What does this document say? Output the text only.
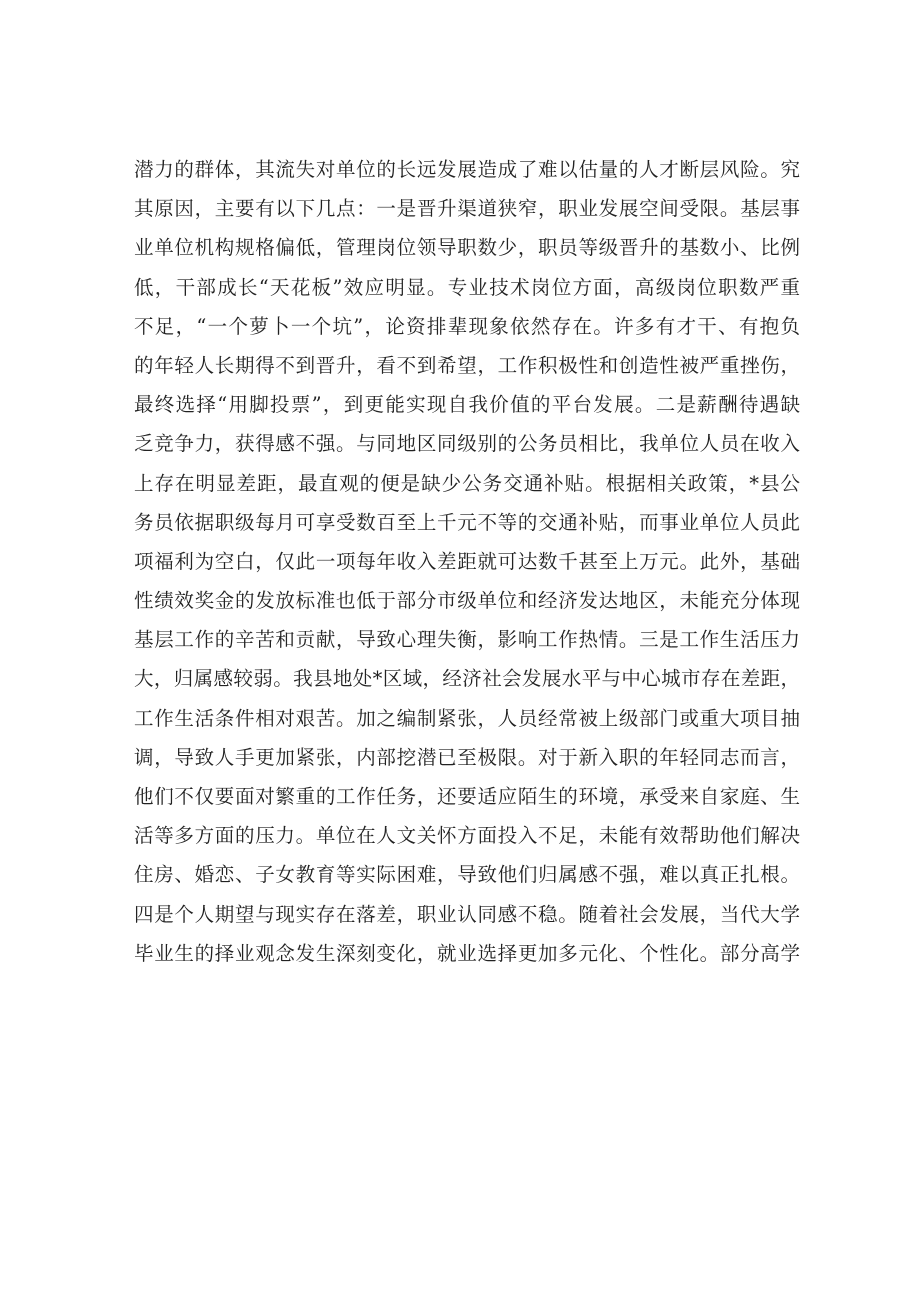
潜力的群体，其流失对单位的长远发展造成了难以估量的人才断层风险。究
其原因，主要有以下几点：一是晋升渠道狭窄，职业发展空间受限。基层事
业单位机构规格偏低，管理岗位领导职数少，职员等级晋升的基数小、比例
低，干部成长“天花板”效应明显。专业技术岗位方面，高级岗位职数严重
不足，“一个萝卜一个坑”，论资排辈现象依然存在。许多有才干、有抱负
的年轻人长期得不到晋升，看不到希望，工作积极性和创造性被严重挫伤，
最终选择“用脚投票”，到更能实现自我价值的平台发展。二是薪酬待遇缺
乏竞争力，获得感不强。与同地区同级别的公务员相比，我单位人员在收入
上存在明显差距，最直观的便是缺少公务交通补贴。根据相关政策，*县公
务员依据职级每月可享受数百至上千元不等的交通补贴，而事业单位人员此
项福利为空白，仅此一项每年收入差距就可达数千甚至上万元。此外，基础
性绩效奖金的发放标准也低于部分市级单位和经济发达地区，未能充分体现
基层工作的辛苦和贡献，导致心理失衡，影响工作热情。三是工作生活压力
大，归属感较弱。我县地处*区域，经济社会发展水平与中心城市存在差距，
工作生活条件相对艰苦。加之编制紧张，人员经常被上级部门或重大项目抽
调，导致人手更加紧张，内部挖潜已至极限。对于新入职的年轻同志而言，
他们不仅要面对繁重的工作任务，还要适应陌生的环境，承受来自家庭、生
活等多方面的压力。单位在人文关怀方面投入不足，未能有效帮助他们解决
住房、婚恋、子女教育等实际困难，导致他们归属感不强，难以真正扎根。
四是个人期望与现实存在落差，职业认同感不稳。随着社会发展，当代大学
毕业生的择业观念发生深刻变化，就业选择更加多元化、个性化。部分高学
